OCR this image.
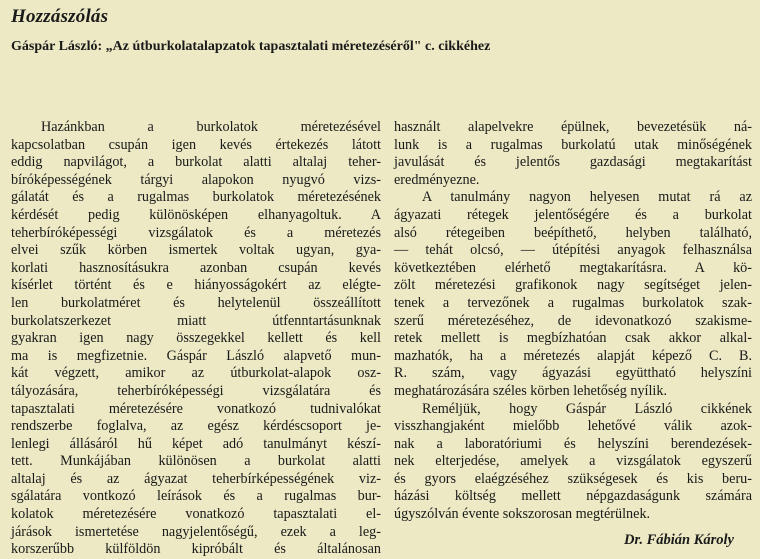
Hozzászólás
Gáspár László: „Az útburkolatalapzatok tapasztalati méretezéséről" c. cikkéhez
Hazánkban a burkolatok méretezésével
kapcsolatban csupán igen kevés értekezés látott
eddig napvilágot, a burkolat alatti altalaj teher-
bíróképességének tárgyi alapokon nyugvó vizs-
gálatát és a rugalmas burkolatok méretezésének
kérdését pedig különösképen elhanyagoltuk. A
teherbíróképességi vizsgálatok és a méretezés
elvei szűk körben ismertek voltak ugyan, gya-
korlati hasznosításukra azonban csupán kevés
kísérlet történt és e hiányosságokért az elégte-
len burkolatméret és helytelenül összeállított
burkolatszerkezet miatt útfenntartásunknak
gyakran igen nagy összegekkel kellett és kell
ma is megfizetnie. Gáspár László alapvető mun-
kát végzett, amikor az útburkolat-alapok osz-
tályozására, teherbíróképességi vizsgálatára és
tapasztalati méretezésére vonatkozó tudnivalókat
rendszerbe foglalva, az egész kérdéscsoport je-
lenlegi állásáról hű képet adó tanulmányt készí-
tett. Munkájában különösen a burkolat alatti
altalaj és az ágyazat teherbírképességének viz-
sgálatára vontkozó leírások és a rugalmas bur-
kolatok méretezésére vonatkozó tapasztalati el-
járások ismertetése nagyjelentőségű, ezek a leg-
korszerűbb külföldön kipróbált és általánosan
használt alapelvekre épülnek, bevezetésük ná-
lunk is a rugalmas burkolatú utak minőségének
javulását és jelentős gazdasági megtakarítást
eredményezne.
A tanulmány nagyon helyesen mutat rá az
ágyazati rétegek jelentőségére és a burkolat
alsó rétegeiben beépíthető, helyben található,
— tehát olcsó, — útépítési anyagok felhasználsa
következtében elérhető megtakarításra. A kö-
zölt méretezési grafikonok nagy segítséget jelen-
tenek a tervezőnek a rugalmas burkolatok szak-
szerű méretezéséhez, de idevonatkozó szakisme-
retek mellett is megbízhatóan csak akkor alkal-
mazhatók, ha a méretezés alapját képező C. B.
R. szám, vagy ágyazási együttható helyszíni
meghatározására széles körben lehetőség nyílik.
Reméljük, hogy Gáspár László cikkének
visszhangjaként mielőbb lehetővé válik azok-
nak a laboratóriumi és helyszíni berendezések-
nek elterjedése, amelyek a vizsgálatok egyszerű
és gyors elaégzéséhez szükségesek és kis beru-
házási költség mellett népgazdaságunk számára
úgyszólván évente sokszorosan megtérülnek.
Dr. Fábián Károly
